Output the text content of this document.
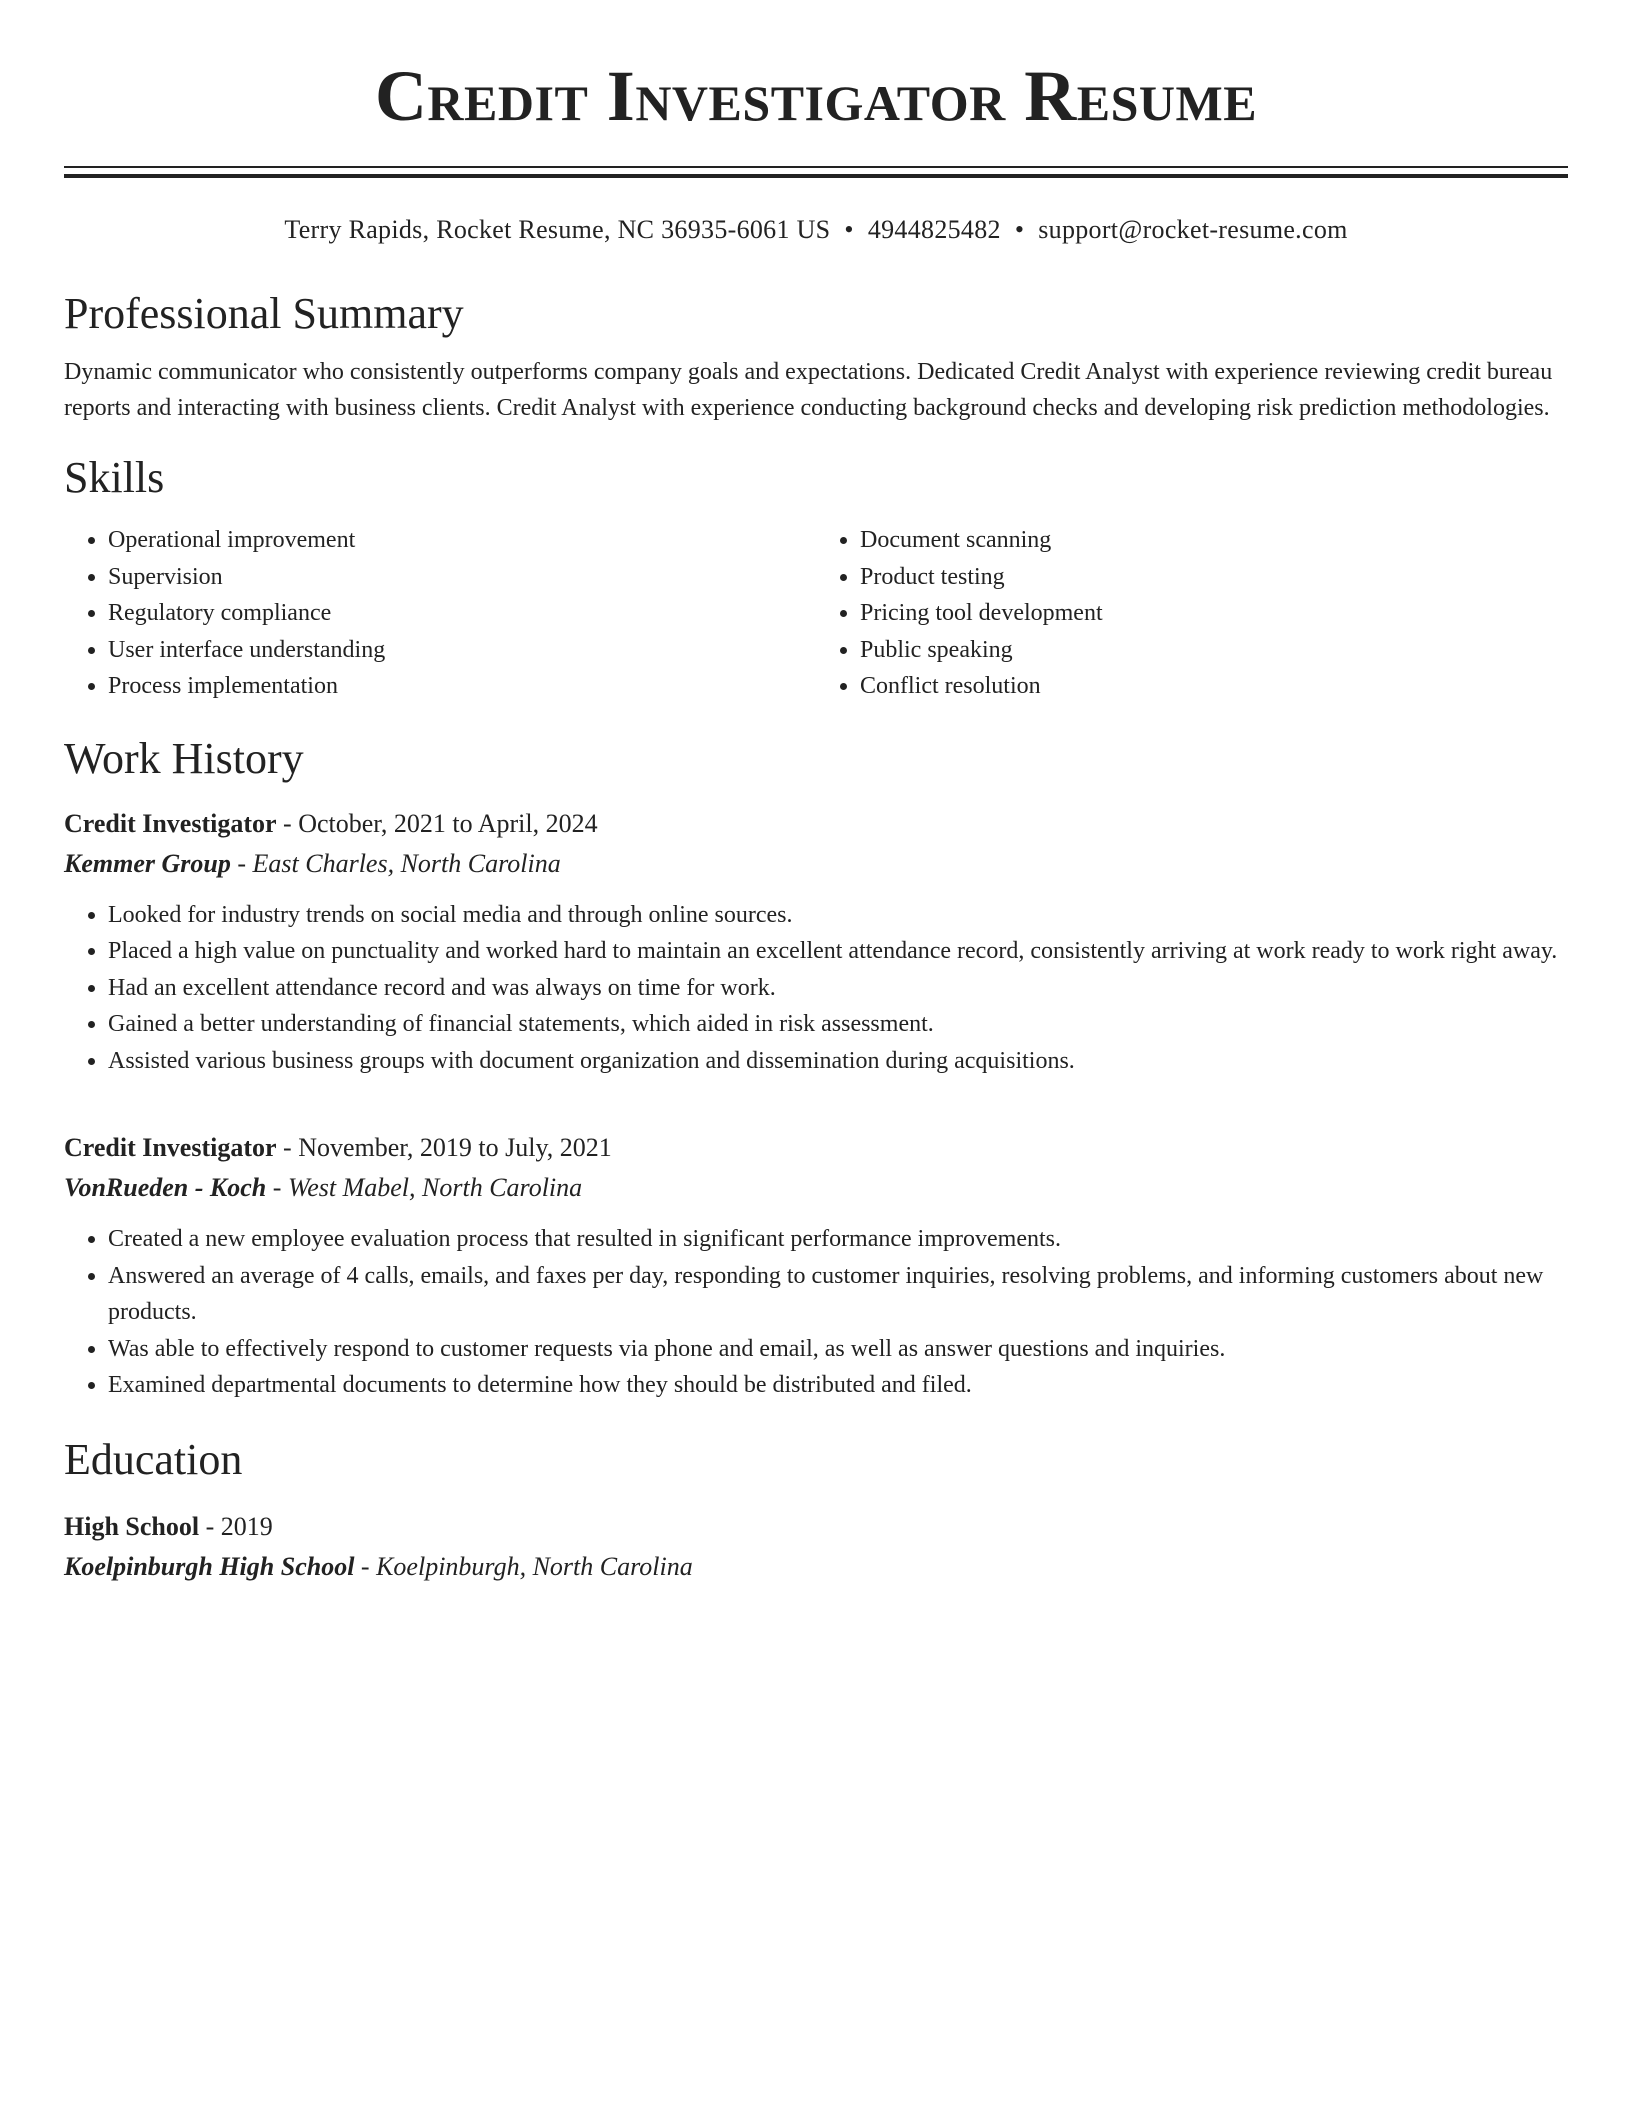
Credit Investigator Resume
Terry Rapids, Rocket Resume, NC 36935-6061 US • 4944825482 • support@rocket-resume.com
Professional Summary

Dynamic communicator who consistently outperforms company goals and expectations. Dedicated Credit Analyst with experience reviewing credit bureau reports and interacting with business clients. Credit Analyst with experience conducting background checks and developing risk prediction methodologies.

Skills
• Operational improvement
• Supervision
• Regulatory compliance
• User interface understanding
• Process implementation
• Document scanning
• Product testing
• Pricing tool development
• Public speaking
• Conflict resolution
Work History
Credit Investigator - October, 2021 to April, 2024
Kemmer Group - East Charles, North Carolina
• Looked for industry trends on social media and through online sources.
• Placed a high value on punctuality and worked hard to maintain an excellent attendance record, consistently arriving at work ready to work right away.
• Had an excellent attendance record and was always on time for work.
• Gained a better understanding of financial statements, which aided in risk assessment.
• Assisted various business groups with document organization and dissemination during acquisitions.
Credit Investigator - November, 2019 to July, 2021
VonRueden - Koch - West Mabel, North Carolina
• Created a new employee evaluation process that resulted in significant performance improvements.
• Answered an average of 4 calls, emails, and faxes per day, responding to customer inquiries, resolving problems, and informing customers about new products.
• Was able to effectively respond to customer requests via phone and email, as well as answer questions and inquiries.
• Examined departmental documents to determine how they should be distributed and filed.
Education
High School - 2019
Koelpinburgh High School - Koelpinburgh, North Carolina
